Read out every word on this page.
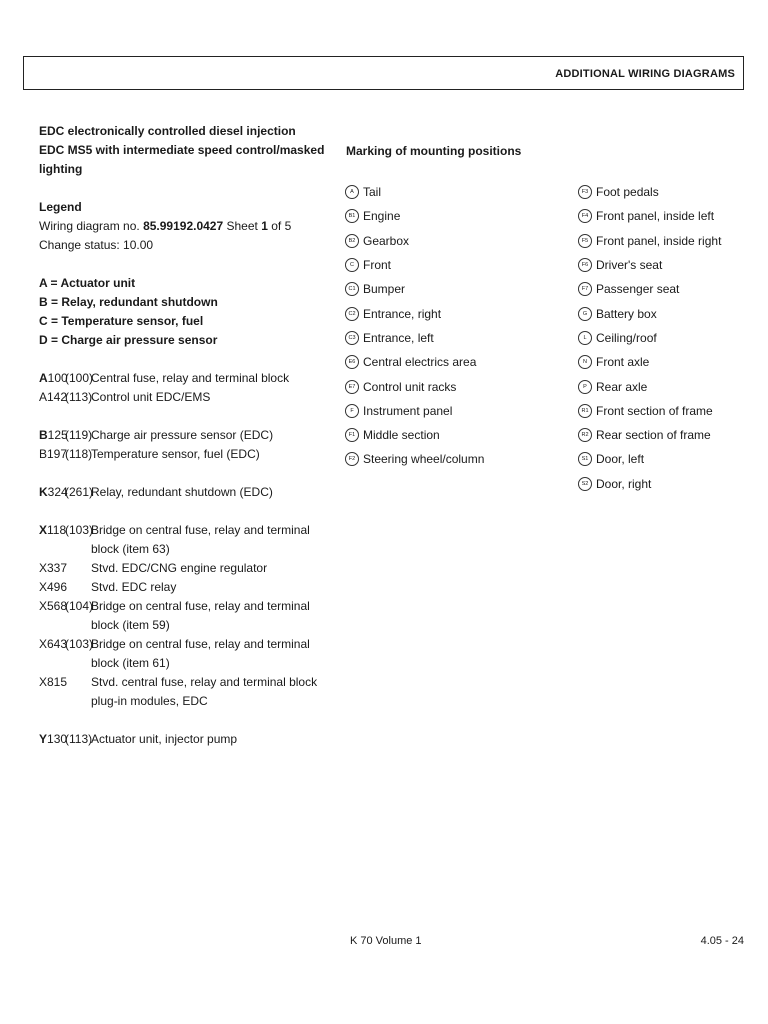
ADDITIONAL WIRING DIAGRAMS
EDC electronically controlled diesel injection
EDC MS5 with intermediate speed control/masked lighting
Legend
Wiring diagram no. 85.99192.0427 Sheet 1 of 5
Change status: 10.00
A = Actuator unit
B = Relay, redundant shutdown
C = Temperature sensor, fuel
D = Charge air pressure sensor
A100
(100)
Central fuse, relay and terminal block
A142
(113)
Control unit EDC/EMS
B125
(119)
Charge air pressure sensor (EDC)
B197
(118)
Temperature sensor, fuel (EDC)
K324
(261)
Relay, redundant shutdown (EDC)
X118
(103)
Bridge on central fuse, relay and terminal block (item 63)
X337 Stvd. EDC/CNG engine regulator
X496 Stvd. EDC relay
X568
(104)
Bridge on central fuse, relay and terminal block (item 59)
X643
(103)
Bridge on central fuse, relay and terminal block (item 61)
X815 Stvd. central fuse, relay and terminal block plug-in modules, EDC
Y130
(113)
Actuator unit, injector pump
Marking of mounting positions
A Tail
B1 Engine
B2 Gearbox
C Front
C1 Bumper
C2 Entrance, right
C3 Entrance, left
E6 Central electrics area
E7 Control unit racks
F Instrument panel
F1 Middle section
F2 Steering wheel/column
F3 Foot pedals
F4 Front panel, inside left
F5 Front panel, inside right
F6 Driver's seat
F7 Passenger seat
G Battery box
L Ceiling/roof
N Front axle
P Rear axle
R1 Front section of frame
R2 Rear section of frame
S1 Door, left
S2 Door, right
K 70 Volume 1	4.05 - 24
